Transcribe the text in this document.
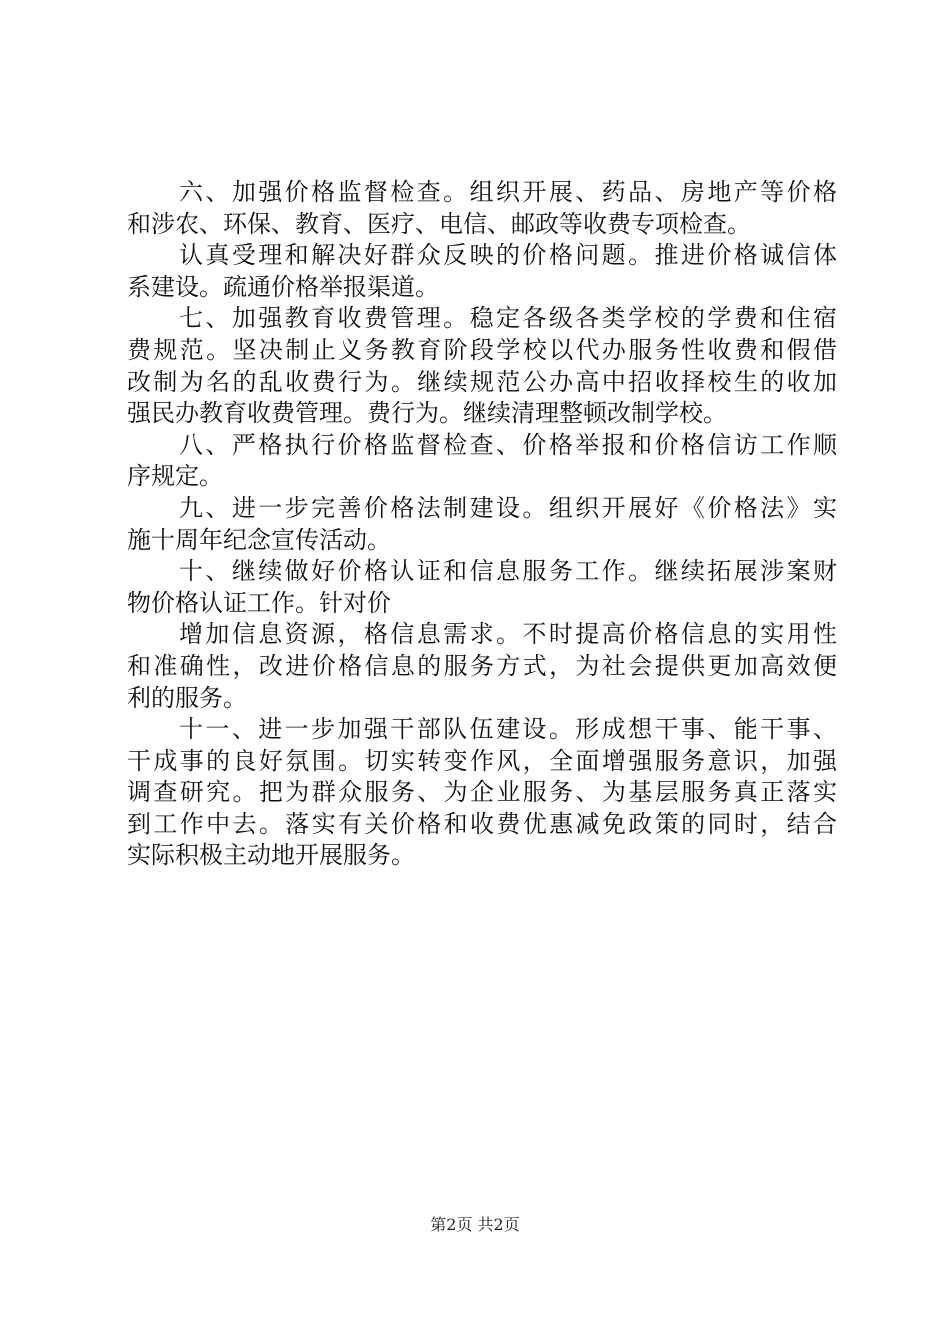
六、加强价格监督检查。组织开展、药品、房地产等价格
和涉农、环保、教育、医疗、电信、邮政等收费专项检查。
认真受理和解决好群众反映的价格问题。推进价格诚信体
系建设。疏通价格举报渠道。
七、加强教育收费管理。稳定各级各类学校的学费和住宿
费规范。坚决制止义务教育阶段学校以代办服务性收费和假借
改制为名的乱收费行为。继续规范公办高中招收择校生的收加
强民办教育收费管理。费行为。继续清理整顿改制学校。
八、严格执行价格监督检查、价格举报和价格信访工作顺
序规定。
九、进一步完善价格法制建设。组织开展好《价格法》实
施十周年纪念宣传活动。
十、继续做好价格认证和信息服务工作。继续拓展涉案财
物价格认证工作。针对价
增加信息资源，格信息需求。不时提高价格信息的实用性
和准确性，改进价格信息的服务方式，为社会提供更加高效便
利的服务。
十一、进一步加强干部队伍建设。形成想干事、能干事、
干成事的良好氛围。切实转变作风，全面增强服务意识，加强
调查研究。把为群众服务、为企业服务、为基层服务真正落实
到工作中去。落实有关价格和收费优惠减免政策的同时，结合
实际积极主动地开展服务。
第2页 共2页
